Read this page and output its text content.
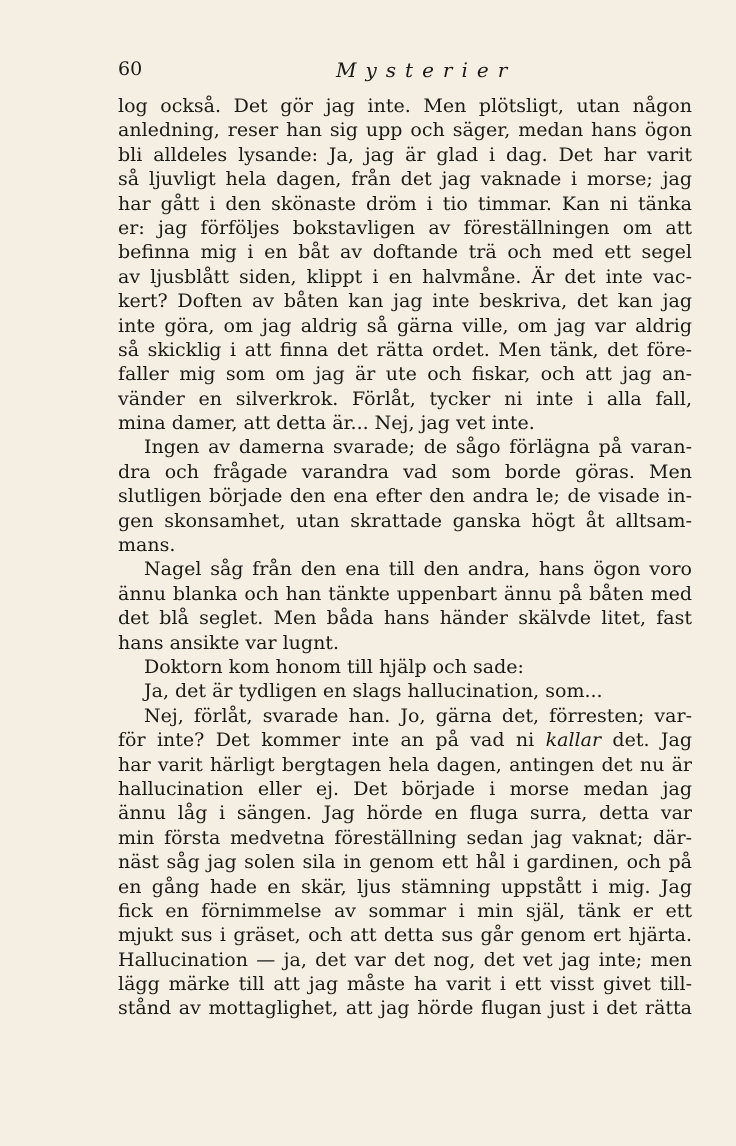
60	Mysterier
log också. Det gör jag inte. Men plötsligt, utan någon
anledning, reser han sig upp och säger, medan hans ögon
bli alldeles lysande: Ja, jag är glad i dag. Det har varit
så ljuvligt hela dagen, från det jag vaknade i morse; jag
har gått i den skönaste dröm i tio timmar. Kan ni tänka
er: jag förföljes bokstavligen av föreställningen om att
befinna mig i en båt av doftande trä och med ett segel
av ljusblått siden, klippt i en halvmåne. Är det inte vac-
kert? Doften av båten kan jag inte beskriva, det kan jag
inte göra, om jag aldrig så gärna ville, om jag var aldrig
så skicklig i att finna det rätta ordet. Men tänk, det före-
faller mig som om jag är ute och fiskar, och att jag an-
vänder en silverkrok. Förlåt, tycker ni inte i alla fall,
mina damer, att detta är... Nej, jag vet inte.
Ingen av damerna svarade; de sågo förlägna på varan-
dra och frågade varandra vad som borde göras. Men
slutligen började den ena efter den andra le; de visade in-
gen skonsamhet, utan skrattade ganska högt åt alltsam-
mans.
Nagel såg från den ena till den andra, hans ögon voro
ännu blanka och han tänkte uppenbart ännu på båten med
det blå seglet. Men båda hans händer skälvde litet, fast
hans ansikte var lugnt.
Doktorn kom honom till hjälp och sade:
Ja, det är tydligen en slags hallucination, som...
Nej, förlåt, svarade han. Jo, gärna det, förresten; var-
för inte? Det kommer inte an på vad ni kallar det. Jag
har varit härligt bergtagen hela dagen, antingen det nu är
hallucination eller ej. Det började i morse medan jag
ännu låg i sängen. Jag hörde en fluga surra, detta var
min första medvetna föreställning sedan jag vaknat; där-
näst såg jag solen sila in genom ett hål i gardinen, och på
en gång hade en skär, ljus stämning uppstått i mig. Jag
fick en förnimmelse av sommar i min själ, tänk er ett
mjukt sus i gräset, och att detta sus går genom ert hjärta.
Hallucination — ja, det var det nog, det vet jag inte; men
lägg märke till att jag måste ha varit i ett visst givet till-
stånd av mottaglighet, att jag hörde flugan just i det rätta
